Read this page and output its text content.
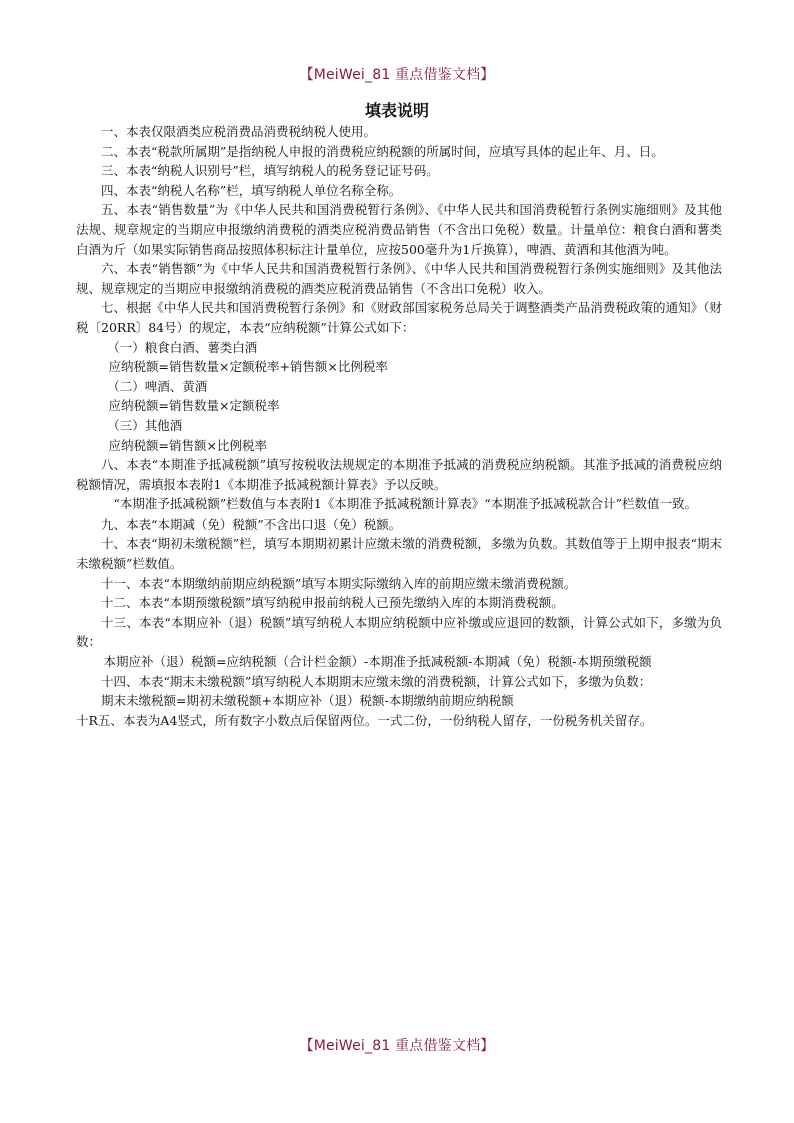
【MeiWei_81 重点借鉴文档】
填表说明

一、本表仅限酒类应税消费品消费税纳税人使用。

二、本表“税款所属期”是指纳税人申报的消费税应纳税额的所属时间，应填写具体的起止年、月、日。

三、本表“纳税人识别号”栏，填写纳税人的税务登记证号码。

四、本表“纳税人名称”栏，填写纳税人单位名称全称。

五、本表“销售数量”为《中华人民共和国消费税暂行条例》、《中华人民共和国消费税暂行条例实施细则》及其他法规、规章规定的当期应申报缴纳消费税的酒类应税消费品销售（不含出口免税）数量。计量单位：粮食白酒和薯类白酒为斤（如果实际销售商品按照体积标注计量单位，应按500毫升为1斤换算），啤酒、黄酒和其他酒为吨。

六、本表“销售额”为《中华人民共和国消费税暂行条例》、《中华人民共和国消费税暂行条例实施细则》及其他法规、规章规定的当期应申报缴纳消费税的酒类应税消费品销售（不含出口免税）收入。

七、根据《中华人民共和国消费税暂行条例》和《财政部国家税务总局关于调整酒类产品消费税政策的通知》（财税〔20RR〕84号）的规定，本表“应纳税额”计算公式如下：

（一）粮食白酒、薯类白酒

应纳税额=销售数量×定额税率+销售额×比例税率

（二）啤酒、黄酒

应纳税额=销售数量×定额税率

（三）其他酒

应纳税额=销售额×比例税率

八、本表“本期准予抵减税额”填写按税收法规规定的本期准予抵减的消费税应纳税额。其准予抵减的消费税应纳税额情况，需填报本表附1《本期准予抵减税额计算表》予以反映。

“本期准予抵减税额”栏数值与本表附1《本期准予抵减税额计算表》“本期准予抵减税款合计”栏数值一致。

九、本表“本期减（免）税额”不含出口退（免）税额。

十、本表“期初未缴税额”栏，填写本期期初累计应缴未缴的消费税额，多缴为负数。其数值等于上期申报表“期末未缴税额”栏数值。

十一、本表“本期缴纳前期应纳税额”填写本期实际缴纳入库的前期应缴未缴消费税额。

十二、本表“本期预缴税额”填写纳税申报前纳税人已预先缴纳入库的本期消费税额。

十三、本表“本期应补（退）税额”填写纳税人本期应纳税额中应补缴或应退回的数额，计算公式如下，多缴为负数：

本期应补（退）税额=应纳税额（合计栏金额）-本期准予抵减税额-本期减（免）税额-本期预缴税额

十四、本表“期末未缴税额”填写纳税人本期期末应缴未缴的消费税额，计算公式如下，多缴为负数：

期末未缴税额=期初未缴税额+本期应补（退）税额-本期缴纳前期应纳税额

十R五、本表为A4竖式，所有数字小数点后保留两位。一式二份，一份纳税人留存，一份税务机关留存。

【MeiWei_81 重点借鉴文档】
